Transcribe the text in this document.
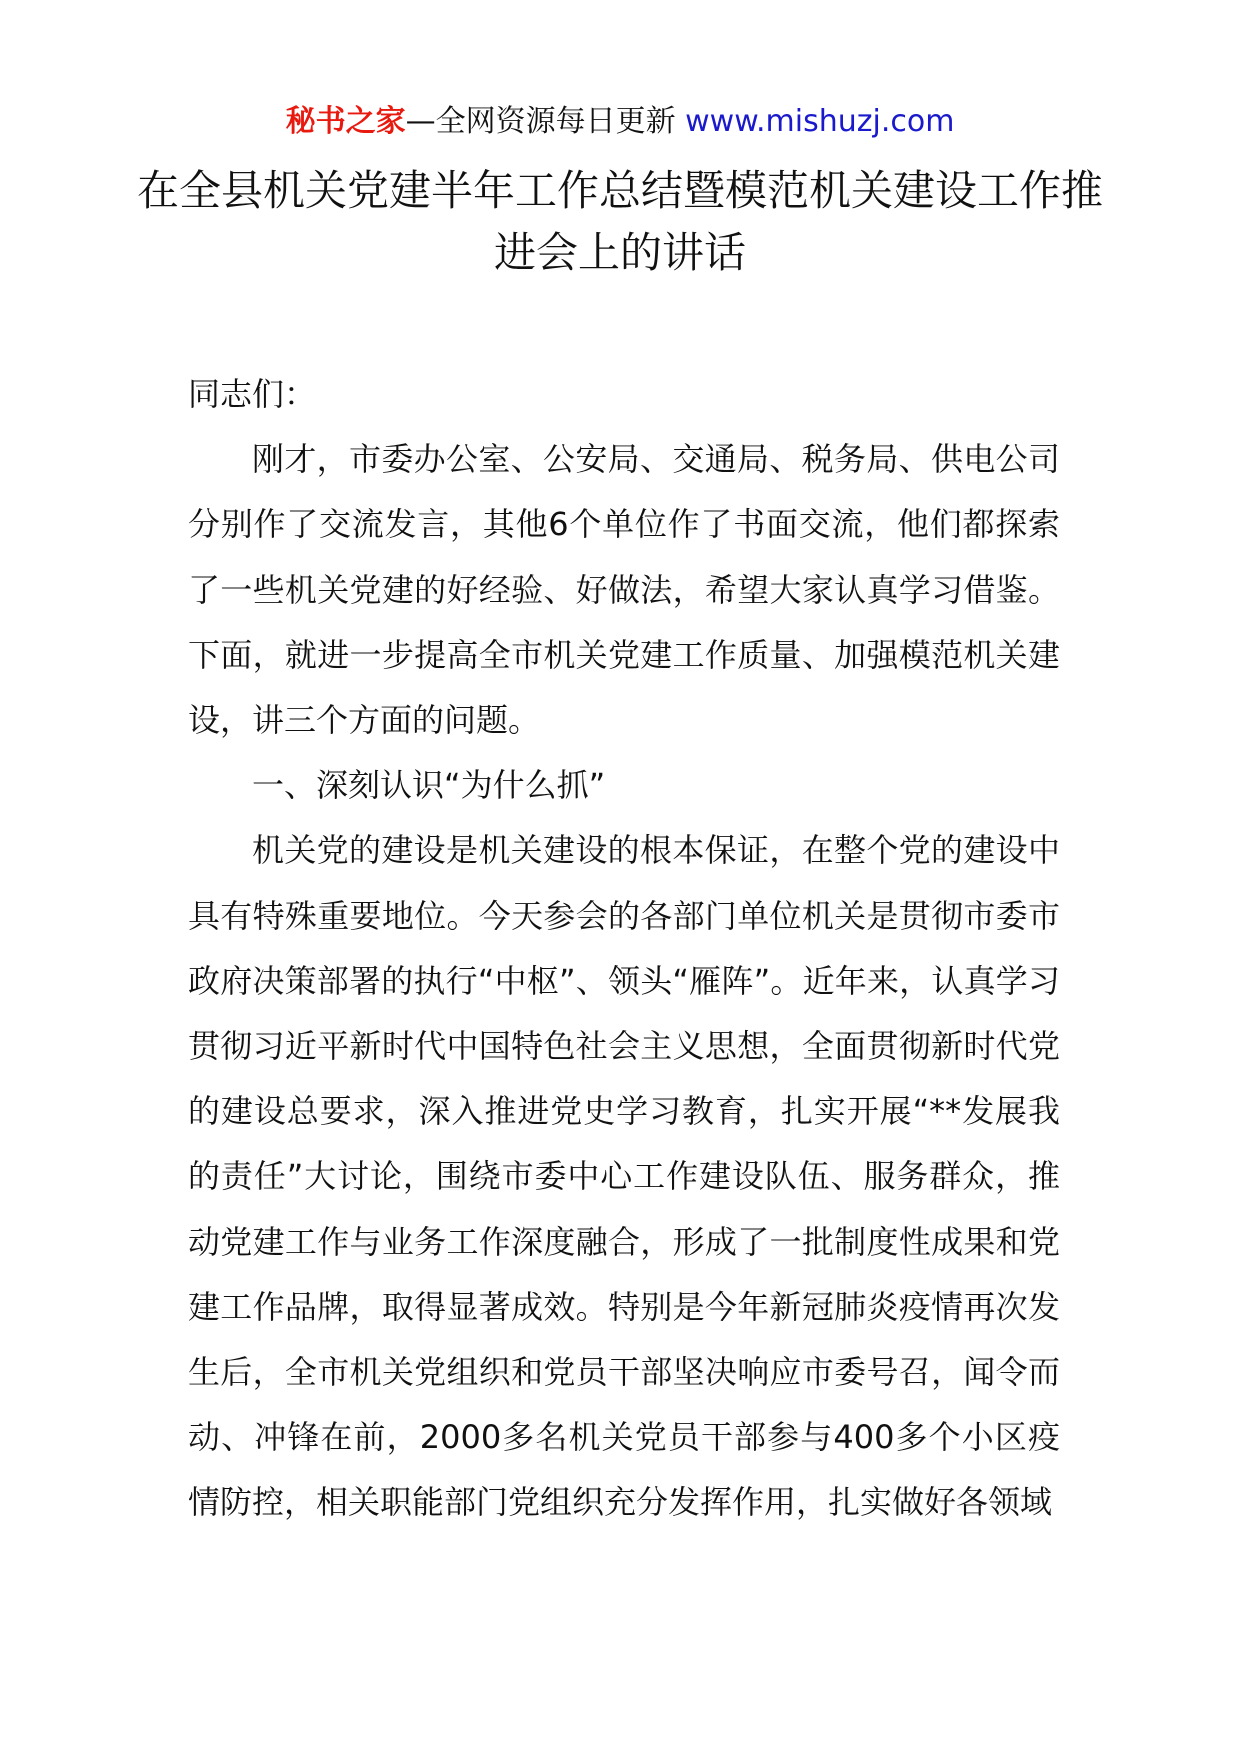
秘书之家—全网资源每日更新 www.mishuzj.com
在全县机关党建半年工作总结暨模范机关建设工作推进会上的讲话

同志们：

刚才，市委办公室、公安局、交通局、税务局、供电公司分别作了交流发言，其他6个单位作了书面交流，他们都探索了一些机关党建的好经验、好做法，希望大家认真学习借鉴。下面，就进一步提高全市机关党建工作质量、加强模范机关建设，讲三个方面的问题。

一、深刻认识“为什么抓”

机关党的建设是机关建设的根本保证，在整个党的建设中具有特殊重要地位。今天参会的各部门单位机关是贯彻市委市政府决策部署的执行“中枢”、领头“雁阵”。近年来，认真学习贯彻习近平新时代中国特色社会主义思想，全面贯彻新时代党的建设总要求，深入推进党史学习教育，扎实开展“**发展我的责任”大讨论，围绕市委中心工作建设队伍、服务群众，推动党建工作与业务工作深度融合，形成了一批制度性成果和党建工作品牌，取得显著成效。特别是今年新冠肺炎疫情再次发生后，全市机关党组织和党员干部坚决响应市委号召，闻令而动、冲锋在前，2000多名机关党员干部参与400多个小区疫情防控，相关职能部门党组织充分发挥作用，扎实做好各领域
